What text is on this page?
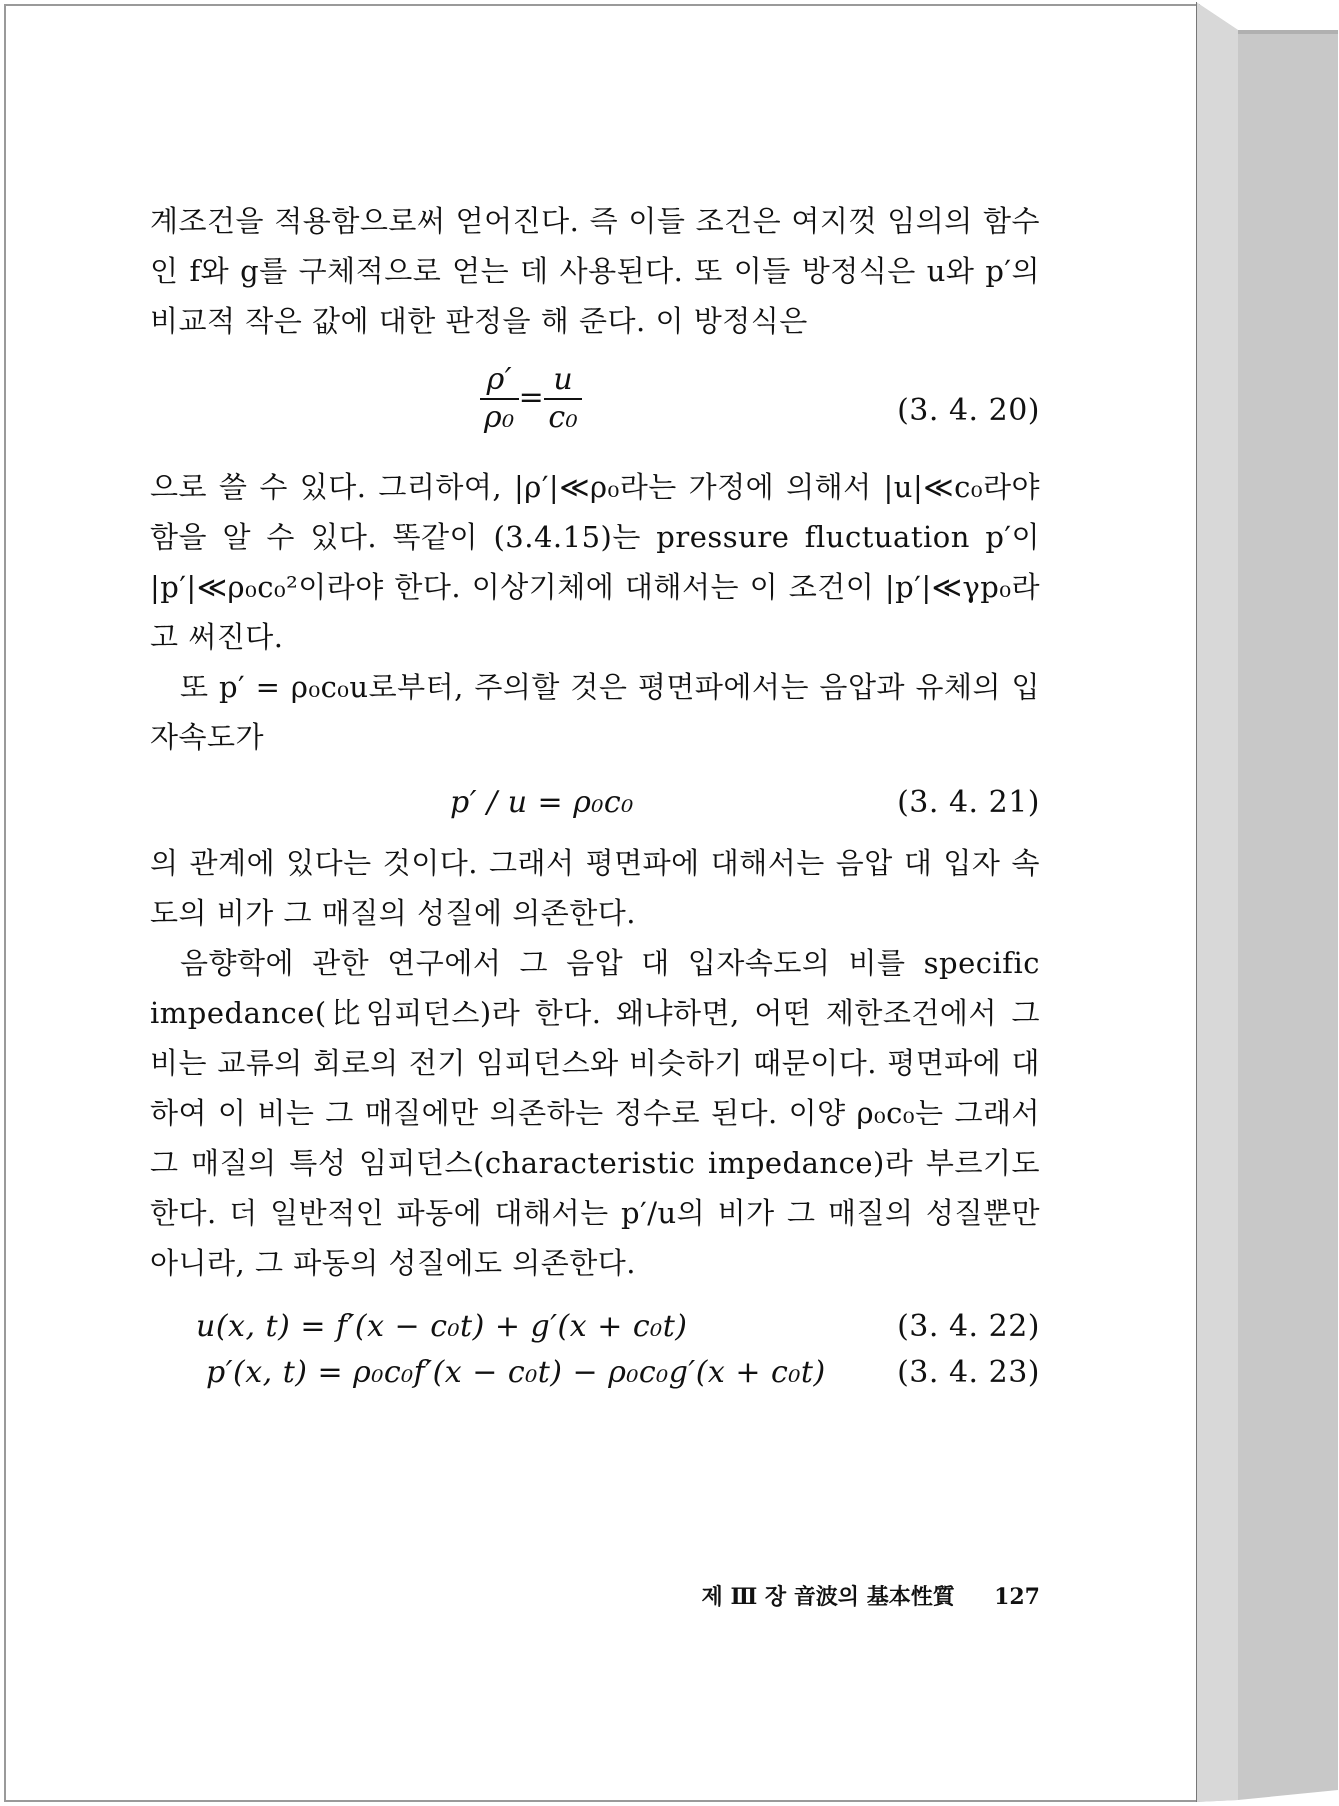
계조건을 적용함으로써 얻어진다. 즉 이들 조건은 여지껏 임의의 함수인 f와 g를 구체적으로 얻는 데 사용된다. 또 이들 방정식은 u와 p′의 비교적 작은 값에 대한 판정을 해 준다. 이 방정식은

$\frac{\rho'}{\text{ρ₀}} = \frac{u}{\text{c₀}}$	(3. 4. 20)

으로 쓸 수 있다. 그리하여, |ρ′|≪ρ₀라는 가정에 의해서 |u|≪c₀라야 함을 알 수 있다. 똑같이 (3.4.15)는 pressure fluctuation p′이 |p′|≪ρ₀c₀²이라야 한다. 이상기체에 대해서는 이 조건이 |p′|≪γp₀라고 써진다.

또 p′ = ρ₀c₀u로부터, 주의할 것은 평면파에서는 음압과 유체의 입자속도가

p′ / u = ρ₀c₀	(3. 4. 21)

의 관계에 있다는 것이다. 그래서 평면파에 대해서는 음압 대 입자 속도의 비가 그 매질의 성질에 의존한다.

음향학에 관한 연구에서 그 음압 대 입자속도의 비를 specific impedance(比임피던스)라 한다. 왜냐하면, 어떤 제한조건에서 그 비는 교류의 회로의 전기 임피던스와 비슷하기 때문이다. 평면파에 대하여 이 비는 그 매질에만 의존하는 정수로 된다. 이양 ρ₀c₀는 그래서 그 매질의 특성 임피던스(characteristic impedance)라 부르기도 한다. 더 일반적인 파동에 대해서는 p′/u의 비가 그 매질의 성질뿐만 아니라, 그 파동의 성질에도 의존한다.

u(x, t) = f′(x − c₀t) + g′(x + c₀t)	(3. 4. 22)
p′(x, t) = ρ₀c₀f′(x − c₀t) − ρ₀c₀g′(x + c₀t) (3. 4. 23)
제 Ⅲ 장 音波의 基本性質 127
